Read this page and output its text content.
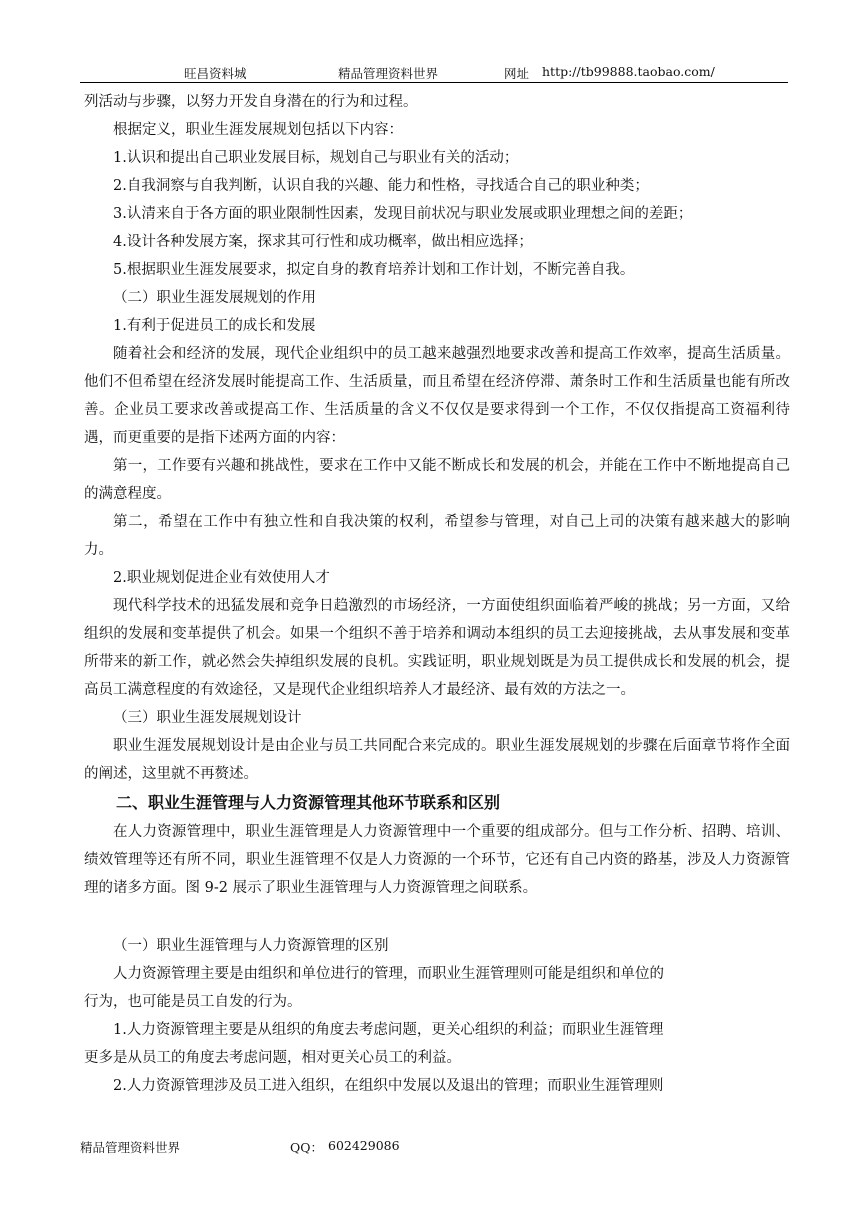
旺昌资料城	精品管理资料世界	网址 http://tb99888.taobao.com/

列活动与步骤，以努力开发自身潜在的行为和过程。

根据定义，职业生涯发展规划包括以下内容：

1.认识和提出自己职业发展目标，规划自己与职业有关的活动；

2.自我洞察与自我判断，认识自我的兴趣、能力和性格，寻找适合自己的职业种类；

3.认清来自于各方面的职业限制性因素，发现目前状况与职业发展或职业理想之间的差距；

4.设计各种发展方案，探求其可行性和成功概率，做出相应选择；

5.根据职业生涯发展要求，拟定自身的教育培养计划和工作计划，不断完善自我。

（二）职业生涯发展规划的作用

1.有利于促进员工的成长和发展

随着社会和经济的发展，现代企业组织中的员工越来越强烈地要求改善和提高工作效率，提高生活质量。他们不但希望在经济发展时能提高工作、生活质量，而且希望在经济停滞、萧条时工作和生活质量也能有所改善。企业员工要求改善或提高工作、生活质量的含义不仅仅是要求得到一个工作，不仅仅指提高工资福利待遇，而更重要的是指下述两方面的内容：

第一，工作要有兴趣和挑战性，要求在工作中又能不断成长和发展的机会，并能在工作中不断地提高自己的满意程度。

第二，希望在工作中有独立性和自我决策的权利，希望参与管理，对自己上司的决策有越来越大的影响力。

2.职业规划促进企业有效使用人才

现代科学技术的迅猛发展和竞争日趋激烈的市场经济，一方面使组织面临着严峻的挑战；另一方面，又给组织的发展和变革提供了机会。如果一个组织不善于培养和调动本组织的员工去迎接挑战，去从事发展和变革所带来的新工作，就必然会失掉组织发展的良机。实践证明，职业规划既是为员工提供成长和发展的机会，提高员工满意程度的有效途径，又是现代企业组织培养人才最经济、最有效的方法之一。

（三）职业生涯发展规划设计

职业生涯发展规划设计是由企业与员工共同配合来完成的。职业生涯发展规划的步骤在后面章节将作全面的阐述，这里就不再赘述。

二、职业生涯管理与人力资源管理其他环节联系和区别

在人力资源管理中，职业生涯管理是人力资源管理中一个重要的组成部分。但与工作分析、招聘、培训、绩效管理等还有所不同，职业生涯管理不仅是人力资源的一个环节，它还有自己内资的路基，涉及人力资源管理的诸多方面。图 9-2 展示了职业生涯管理与人力资源管理之间联系。

（一）职业生涯管理与人力资源管理的区别

人力资源管理主要是由组织和单位进行的管理，而职业生涯管理则可能是组织和单位的

行为，也可能是员工自发的行为。

1.人力资源管理主要是从组织的角度去考虑问题，更关心组织的利益；而职业生涯管理

更多是从员工的角度去考虑问题，相对更关心员工的利益。

2.人力资源管理涉及员工进入组织，在组织中发展以及退出的管理；而职业生涯管理则

精品管理资料世界	QQ： 602429086
